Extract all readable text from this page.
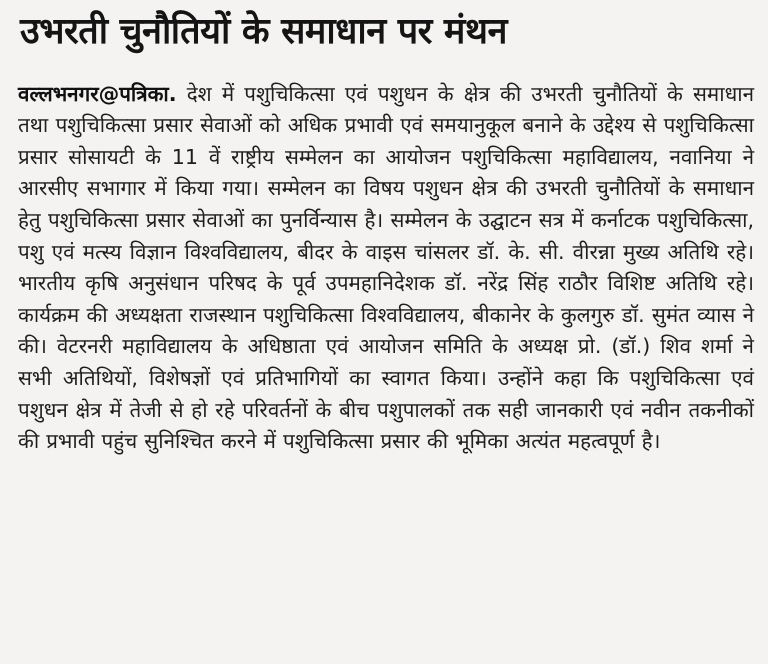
उभरती चुनौतियों के समाधान पर मंथन

वल्लभनगर@पत्रिका. देश में पशुचिकित्सा एवं पशुधन के क्षेत्र की उभरती चुनौतियों के समाधान तथा पशुचिकित्सा प्रसार सेवाओं को अधिक प्रभावी एवं समयानुकूल बनाने के उद्देश्य से पशुचिकित्सा प्रसार सोसायटी के 11 वें राष्ट्रीय सम्मेलन का आयोजन पशुचिकित्सा महाविद्यालय, नवानिया ने आरसीए सभागार में किया गया। सम्मेलन का विषय पशुधन क्षेत्र की उभरती चुनौतियों के समाधान हेतु पशुचिकित्सा प्रसार सेवाओं का पुनर्विन्यास है। सम्मेलन के उद्घाटन सत्र में कर्नाटक पशुचिकित्सा, पशु एवं मत्स्य विज्ञान विश्वविद्यालय, बीदर के वाइस चांसलर डॉ. के. सी. वीरन्ना मुख्य अतिथि रहे। भारतीय कृषि अनुसंधान परिषद के पूर्व उपमहानिदेशक डॉ. नरेंद्र सिंह राठौर विशिष्ट अतिथि रहे। कार्यक्रम की अध्यक्षता राजस्थान पशुचिकित्सा विश्वविद्यालय, बीकानेर के कुलगुरु डॉ. सुमंत व्यास ने की। वेटरनरी महाविद्यालय के अधिष्ठाता एवं आयोजन समिति के अध्यक्ष प्रो. (डॉ.) शिव शर्मा ने सभी अतिथियों, विशेषज्ञों एवं प्रतिभागियों का स्वागत किया। उन्होंने कहा कि पशुचिकित्सा एवं पशुधन क्षेत्र में तेजी से हो रहे परिवर्तनों के बीच पशुपालकों तक सही जानकारी एवं नवीन तकनीकों की प्रभावी पहुंच सुनिश्चित करने में पशुचिकित्सा प्रसार की भूमिका अत्यंत महत्वपूर्ण है।
